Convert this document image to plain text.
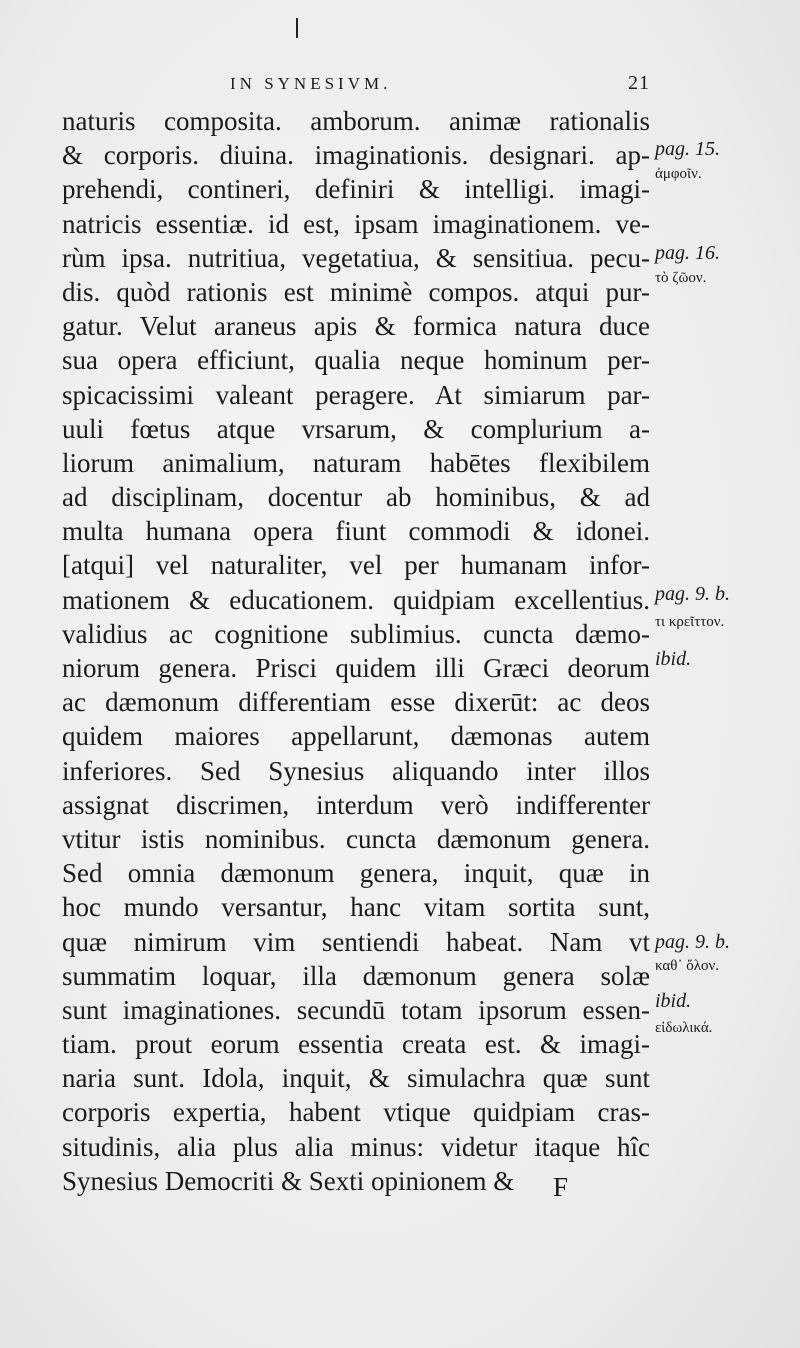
IN SYNESIVM.	21
naturis composita. amborum. animæ rationalis
& corporis. diuina. imaginationis. designari. ap-
prehendi, contineri, definiri & intelligi. imagi-
natricis essentiæ. id est, ipsam imaginationem. ve-
rùm ipsa. nutritiua, vegetatiua, & sensitiua. pecu-
dis. quòd rationis est minimè compos. atqui pur-
gatur. Velut araneus apis & formica natura duce
sua opera efficiunt, qualia neque hominum per-
spicacissimi valeant peragere. At simiarum par-
uuli fœtus atque vrsarum, & complurium a-
liorum animalium, naturam habētes flexibilem
ad disciplinam, docentur ab hominibus, & ad
multa humana opera fiunt commodi & idonei.
[atqui] vel naturaliter, vel per humanam infor-
mationem & educationem. quidpiam excellentius.
validius ac cognitione sublimius. cuncta dæmo-
niorum genera. Prisci quidem illi Græci deorum
ac dæmonum differentiam esse dixerūt: ac deos
quidem maiores appellarunt, dæmonas autem
inferiores. Sed Synesius aliquando inter illos
assignat discrimen, interdum verò indifferenter
vtitur istis nominibus. cuncta dæmonum genera.
Sed omnia dæmonum genera, inquit, quæ in
hoc mundo versantur, hanc vitam sortita sunt,
quæ nimirum vim sentiendi habeat. Nam vt
summatim loquar, illa dæmonum genera solæ
sunt imaginationes. secundū totam ipsorum essen-
tiam. prout eorum essentia creata est. & imagi-
naria sunt. Idola, inquit, & simulachra quæ sunt
corporis expertia, habent vtique quidpiam cras-
situdinis, alia plus alia minus: videtur itaque hîc
Synesius Democriti & Sexti opinionem &
pag. 15.
ἀμφοῖν.
pag. 16.
τὸ ζῶον.
pag. 9. b.
τι κρεῖττον.
ibid.
pag. 9. b.
καθ᾽ ὅλον.
ibid.
εἰδωλικά.
F
